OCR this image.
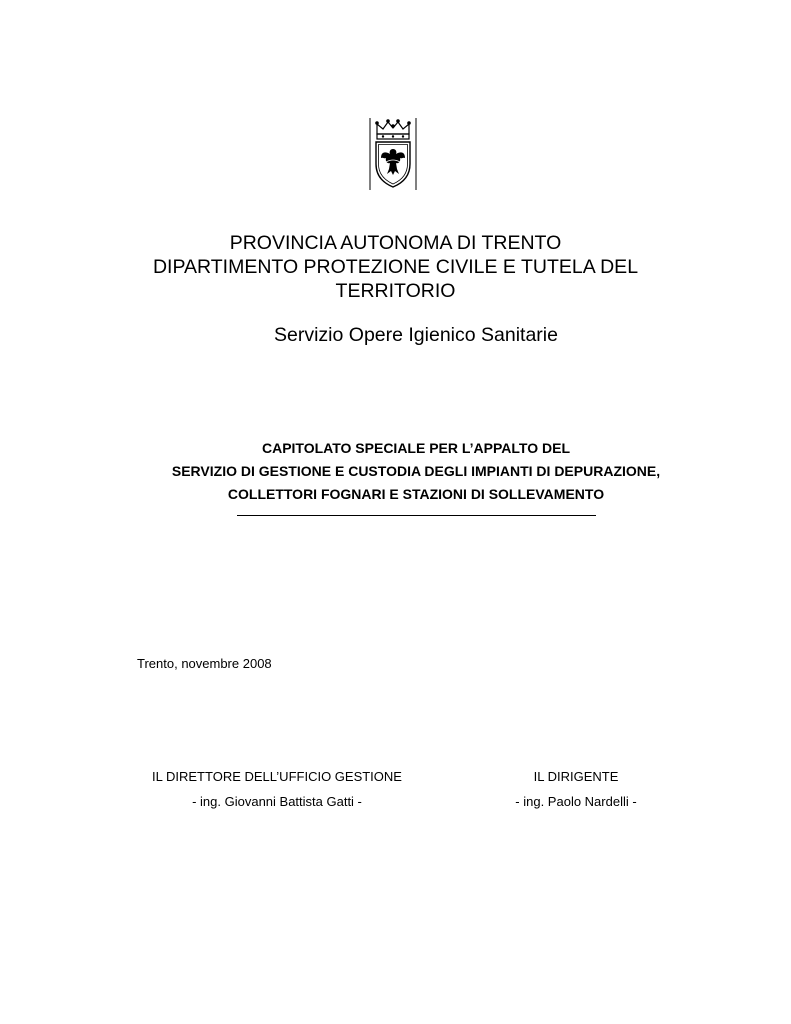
PROVINCIA AUTONOMA DI TRENTO
DIPARTIMENTO PROTEZIONE CIVILE E TUTELA DEL
TERRITORIO
Servizio Opere Igienico Sanitarie
CAPITOLATO SPECIALE PER L’APPALTO DEL
SERVIZIO DI GESTIONE E CUSTODIA DEGLI IMPIANTI DI DEPURAZIONE,
COLLETTORI FOGNARI E STAZIONI DI SOLLEVAMENTO
Trento, novembre 2008
IL DIRETTORE DELL’UFFICIO GESTIONE
- ing. Giovanni Battista Gatti -
IL DIRIGENTE
- ing. Paolo Nardelli -
